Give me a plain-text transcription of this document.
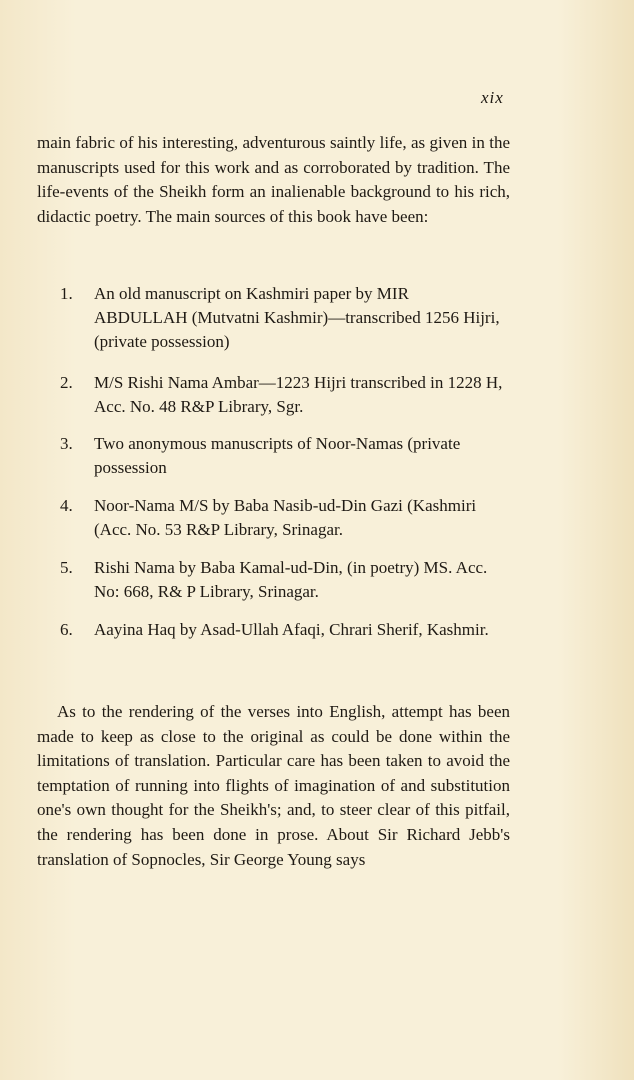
xix

main fabric of his interesting, adventurous saintly life, as given in the manuscripts used for this work and as corroborated by tradition. The life-events of the Sheikh form an inalienable background to his rich, didactic poetry. The main sources of this book have been:

1.	An old manuscript on Kashmiri paper by MIR ABDULLAH (Mutvatni Kashmir)—transcribed 1256 Hijri, (private possession)
2.	M/S Rishi Nama Ambar—1223 Hijri transcribed in 1228 H, Acc. No. 48 R&P Library, Sgr.
3.	Two anonymous manuscripts of Noor-Namas (private possession
4.	Noor-Nama M/S by Baba Nasib-ud-Din Gazi (Kashmiri (Acc. No. 53 R&P Library, Srinagar.
5.	Rishi Nama by Baba Kamal-ud-Din, (in poetry) MS. Acc. No: 668, R& P Library, Srinagar.
6.	Aayina Haq by Asad-Ullah Afaqi, Chrari Sherif, Kashmir.

As to the rendering of the verses into English, attempt has been made to keep as close to the original as could be done within the limitations of translation. Particular care has been taken to avoid the temptation of running into flights of imagination of and substitution one's own thought for the Sheikh's; and, to steer clear of this pitfail, the rendering has been done in prose. About Sir Richard Jebb's translation of Sopnocles, Sir George Young says
